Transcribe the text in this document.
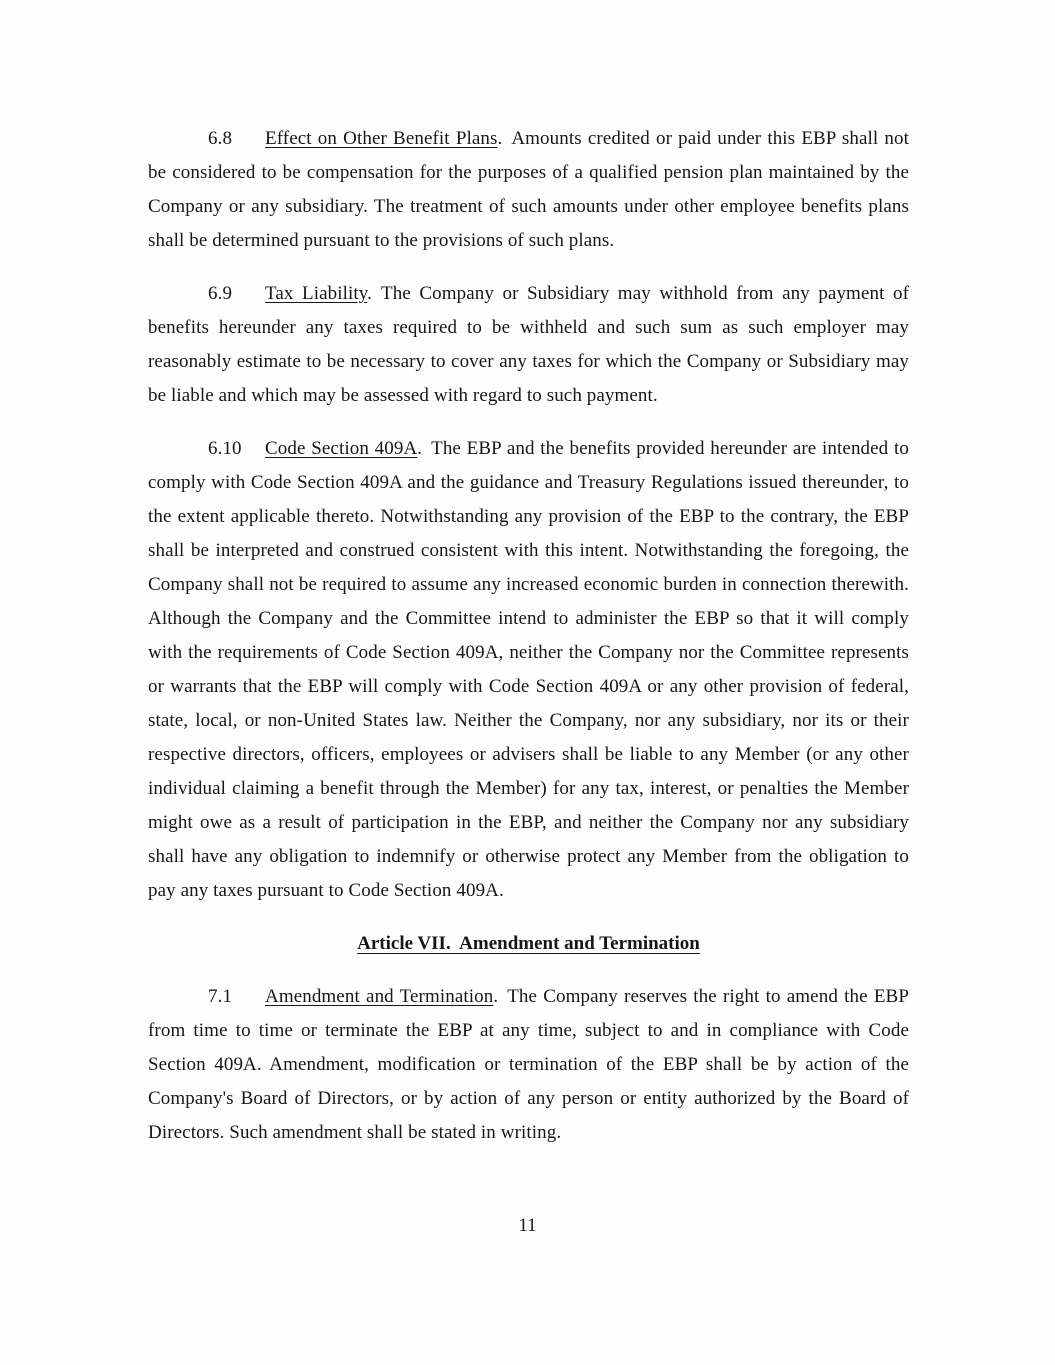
6.8 Effect on Other Benefit Plans. Amounts credited or paid under this EBP shall not be considered to be compensation for the purposes of a qualified pension plan maintained by the Company or any subsidiary. The treatment of such amounts under other employee benefits plans shall be determined pursuant to the provisions of such plans.

6.9 Tax Liability. The Company or Subsidiary may withhold from any payment of benefits hereunder any taxes required to be withheld and such sum as such employer may reasonably estimate to be necessary to cover any taxes for which the Company or Subsidiary may be liable and which may be assessed with regard to such payment.

6.10 Code Section 409A. The EBP and the benefits provided hereunder are intended to comply with Code Section 409A and the guidance and Treasury Regulations issued thereunder, to the extent applicable thereto. Notwithstanding any provision of the EBP to the contrary, the EBP shall be interpreted and construed consistent with this intent. Notwithstanding the foregoing, the Company shall not be required to assume any increased economic burden in connection therewith. Although the Company and the Committee intend to administer the EBP so that it will comply with the requirements of Code Section 409A, neither the Company nor the Committee represents or warrants that the EBP will comply with Code Section 409A or any other provision of federal, state, local, or non-United States law. Neither the Company, nor any subsidiary, nor its or their respective directors, officers, employees or advisers shall be liable to any Member (or any other individual claiming a benefit through the Member) for any tax, interest, or penalties the Member might owe as a result of participation in the EBP, and neither the Company nor any subsidiary shall have any obligation to indemnify or otherwise protect any Member from the obligation to pay any taxes pursuant to Code Section 409A.

Article VII.  Amendment and Termination

7.1 Amendment and Termination. The Company reserves the right to amend the EBP from time to time or terminate the EBP at any time, subject to and in compliance with Code Section 409A. Amendment, modification or termination of the EBP shall be by action of the Company's Board of Directors, or by action of any person or entity authorized by the Board of Directors. Such amendment shall be stated in writing.

11
